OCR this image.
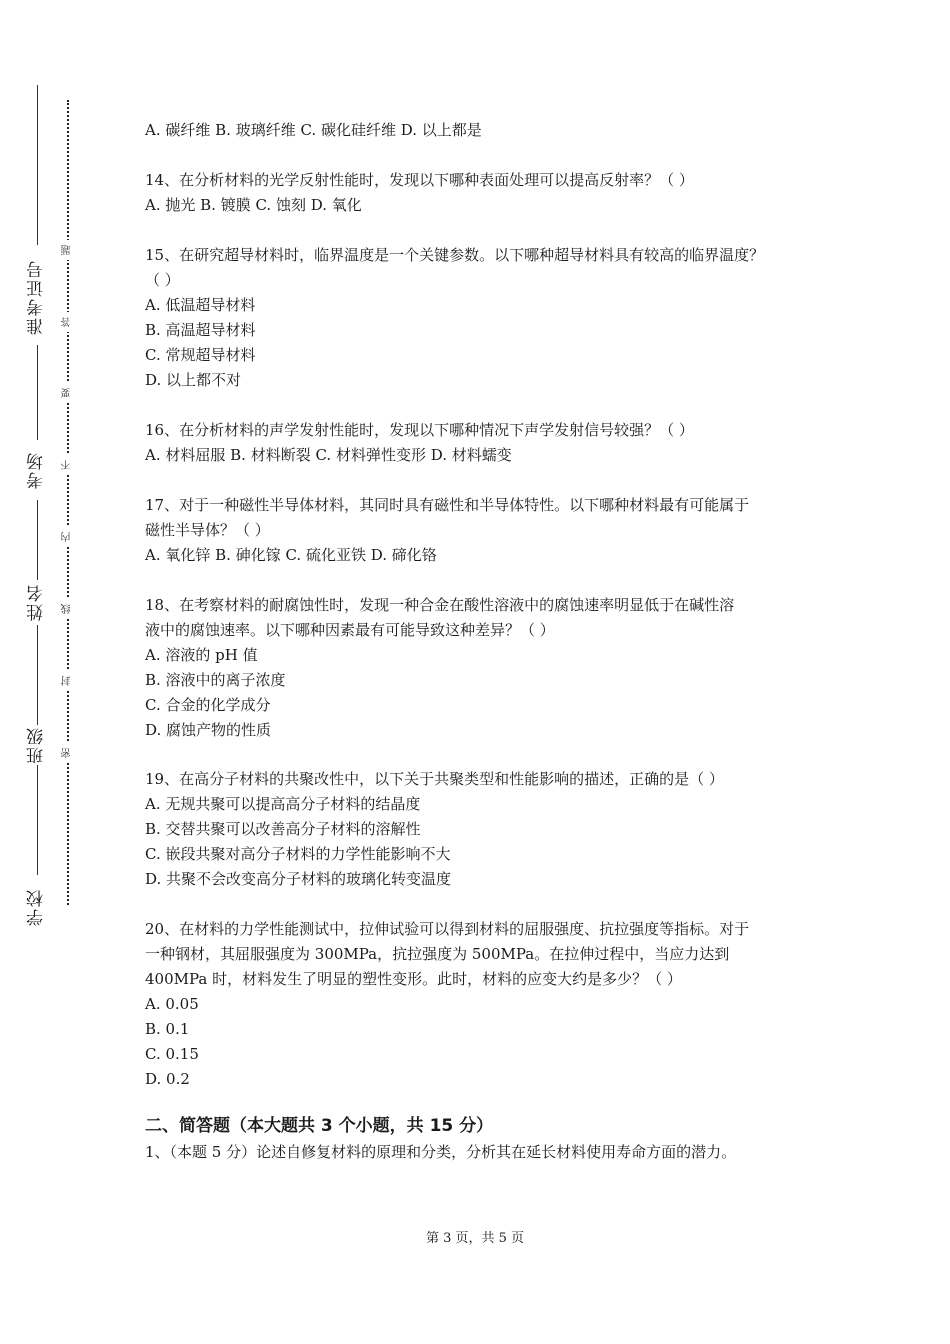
准考证号
考场
姓名
班级
学校
题
答
要
不
内
线
封
密
A. 碳纤维 B. 玻璃纤维 C. 碳化硅纤维 D. 以上都是
14、在分析材料的光学反射性能时，发现以下哪种表面处理可以提高反射率？（ ）
A. 抛光 B. 镀膜 C. 蚀刻 D. 氧化
15、在研究超导材料时，临界温度是一个关键参数。以下哪种超导材料具有较高的临界温度？
（ ）
A. 低温超导材料
B. 高温超导材料
C. 常规超导材料
D. 以上都不对
16、在分析材料的声学发射性能时，发现以下哪种情况下声学发射信号较强？（ ）
A. 材料屈服 B. 材料断裂 C. 材料弹性变形 D. 材料蠕变
17、对于一种磁性半导体材料，其同时具有磁性和半导体特性。以下哪种材料最有可能属于
磁性半导体？（ ）
A. 氧化锌 B. 砷化镓 C. 硫化亚铁 D. 碲化铬
18、在考察材料的耐腐蚀性时，发现一种合金在酸性溶液中的腐蚀速率明显低于在碱性溶
液中的腐蚀速率。以下哪种因素最有可能导致这种差异？（ ）
A. 溶液的 pH 值
B. 溶液中的离子浓度
C. 合金的化学成分
D. 腐蚀产物的性质
19、在高分子材料的共聚改性中，以下关于共聚类型和性能影响的描述，正确的是（ ）
A. 无规共聚可以提高高分子材料的结晶度
B. 交替共聚可以改善高分子材料的溶解性
C. 嵌段共聚对高分子材料的力学性能影响不大
D. 共聚不会改变高分子材料的玻璃化转变温度
20、在材料的力学性能测试中，拉伸试验可以得到材料的屈服强度、抗拉强度等指标。对于
一种钢材，其屈服强度为 300MPa，抗拉强度为 500MPa。在拉伸过程中，当应力达到
400MPa 时，材料发生了明显的塑性变形。此时，材料的应变大约是多少？（ ）
A. 0.05
B. 0.1
C. 0.15
D. 0.2
二、简答题（本大题共 3 个小题，共 15 分）
1、（本题 5 分）论述自修复材料的原理和分类，分析其在延长材料使用寿命方面的潜力。
第 3 页，共 5 页
